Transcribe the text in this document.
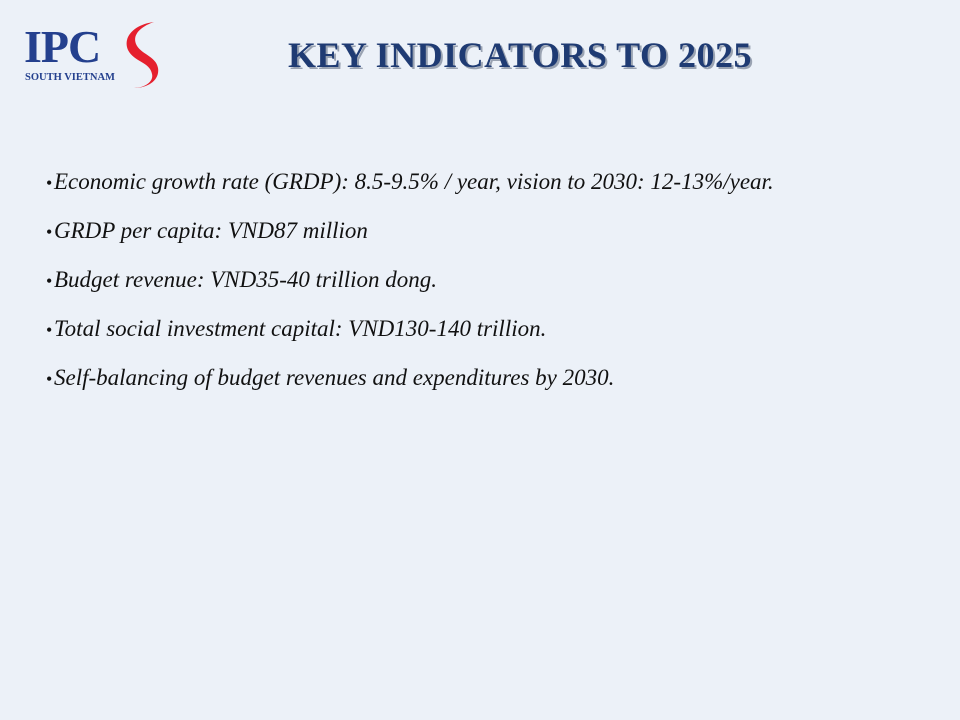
IPC
SOUTH VIETNAM
KEY INDICATORS TO 2025
• Economic growth rate (GRDP): 8.5-9.5% / year, vision to 2030: 12-13%/year.
• GRDP per capita: VND87 million
• Budget revenue: VND35-40 trillion dong.
• Total social investment capital: VND130-140 trillion.
• Self-balancing of budget revenues and expenditures by 2030.
